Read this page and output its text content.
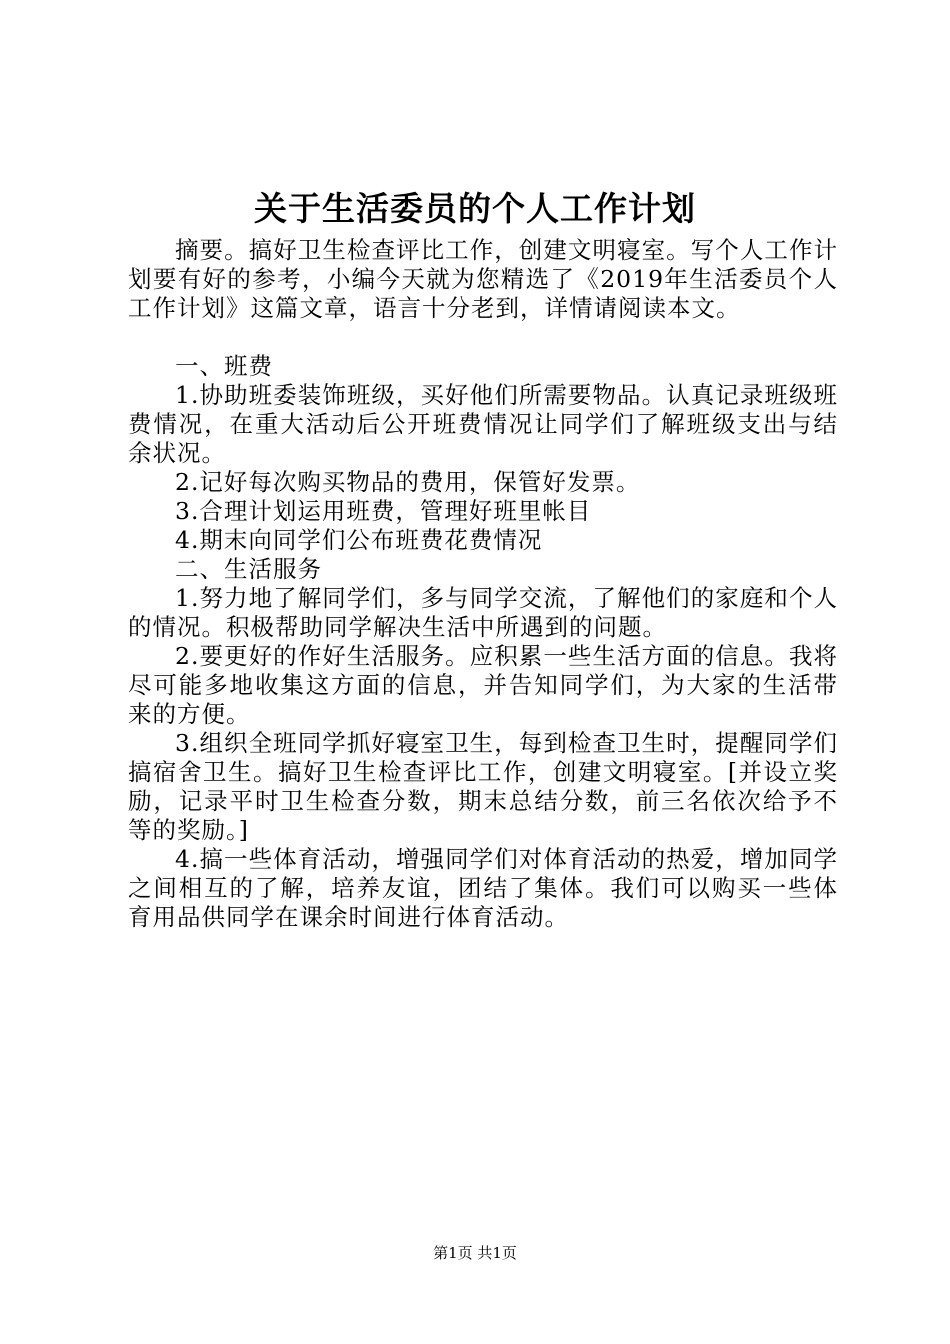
关于生活委员的个人工作计划

摘要。搞好卫生检查评比工作，创建文明寝室。写个人工作计划要有好的参考，小编今天就为您精选了《2019年生活委员个人工作计划》这篇文章，语言十分老到，详情请阅读本文。

一、班费

1.协助班委装饰班级，买好他们所需要物品。认真记录班级班费情况，在重大活动后公开班费情况让同学们了解班级支出与结余状况。

2.记好每次购买物品的费用，保管好发票。

3.合理计划运用班费，管理好班里帐目

4.期末向同学们公布班费花费情况

二、生活服务

1.努力地了解同学们，多与同学交流，了解他们的家庭和个人的情况。积极帮助同学解决生活中所遇到的问题。

2.要更好的作好生活服务。应积累一些生活方面的信息。我将尽可能多地收集这方面的信息，并告知同学们，为大家的生活带来的方便。

3.组织全班同学抓好寝室卫生，每到检查卫生时，提醒同学们搞宿舍卫生。搞好卫生检查评比工作，创建文明寝室。[并设立奖励，记录平时卫生检查分数，期末总结分数，前三名依次给予不等的奖励。]

4.搞一些体育活动，增强同学们对体育活动的热爱，增加同学之间相互的了解，培养友谊，团结了集体。我们可以购买一些体育用品供同学在课余时间进行体育活动。

第1页 共1页
